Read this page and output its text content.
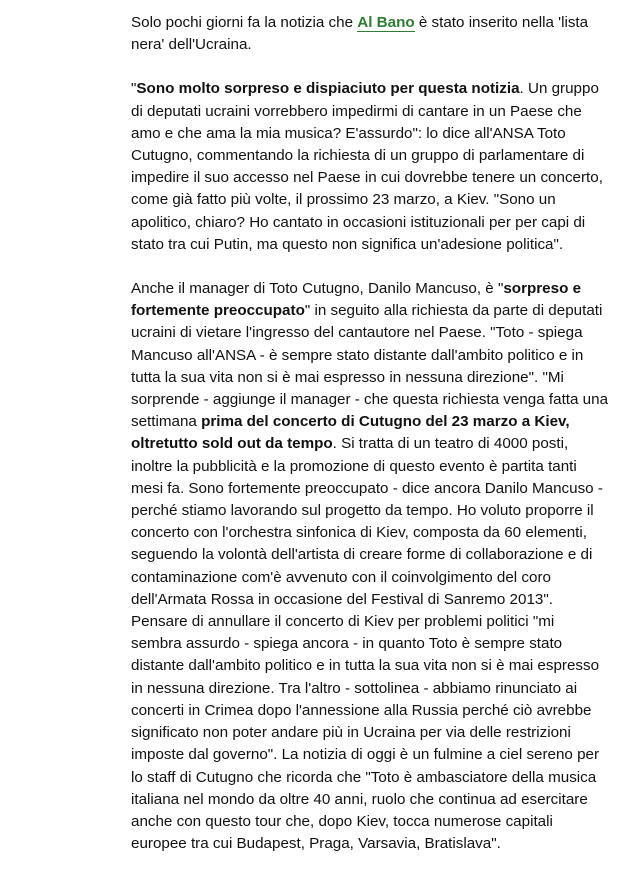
Solo pochi giorni fa la notizia che Al Bano è stato inserito nella 'lista nera' dell'Ucraina.

"Sono molto sorpreso e dispiaciuto per questa notizia. Un gruppo di deputati ucraini vorrebbero impedirmi di cantare in un Paese che amo e che ama la mia musica? E'assurdo": lo dice all'ANSA Toto Cutugno, commentando la richiesta di un gruppo di parlamentare di impedire il suo accesso nel Paese in cui dovrebbe tenere un concerto, come già fatto più volte, il prossimo 23 marzo, a Kiev. "Sono un apolitico, chiaro? Ho cantato in occasioni istituzionali per per capi di stato tra cui Putin, ma questo non significa un'adesione politica".

Anche il manager di Toto Cutugno, Danilo Mancuso, è "sorpreso e fortemente preoccupato" in seguito alla richiesta da parte di deputati ucraini di vietare l'ingresso del cantautore nel Paese. "Toto - spiega Mancuso all'ANSA - è sempre stato distante dall'ambito politico e in tutta la sua vita non si è mai espresso in nessuna direzione". "Mi sorprende - aggiunge il manager - che questa richiesta venga fatta una settimana prima del concerto di Cutugno del 23 marzo a Kiev, oltretutto sold out da tempo. Si tratta di un teatro di 4000 posti, inoltre la pubblicità e la promozione di questo evento è partita tanti mesi fa. Sono fortemente preoccupato - dice ancora Danilo Mancuso - perché stiamo lavorando sul progetto da tempo. Ho voluto proporre il concerto con l'orchestra sinfonica di Kiev, composta da 60 elementi, seguendo la volontà dell'artista di creare forme di collaborazione e di contaminazione com'è avvenuto con il coinvolgimento del coro dell'Armata Rossa in occasione del Festival di Sanremo 2013". Pensare di annullare il concerto di Kiev per problemi politici "mi sembra assurdo - spiega ancora - in quanto Toto è sempre stato distante dall'ambito politico e in tutta la sua vita non si è mai espresso in nessuna direzione. Tra l'altro - sottolinea - abbiamo rinunciato ai concerti in Crimea dopo l'annessione alla Russia perché ciò avrebbe significato non poter andare più in Ucraina per via delle restrizioni imposte dal governo". La notizia di oggi è un fulmine a ciel sereno per lo staff di Cutugno che ricorda che "Toto è ambasciatore della musica italiana nel mondo da oltre 40 anni, ruolo che continua ad esercitare anche con questo tour che, dopo Kiev, tocca numerose capitali europee tra cui Budapest, Praga, Varsavia, Bratislava".
